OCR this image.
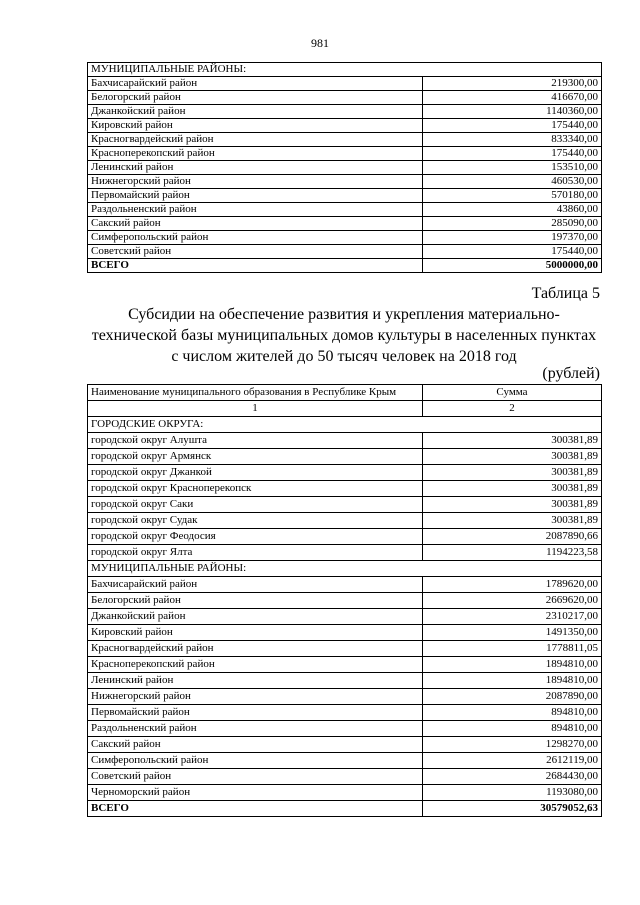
981
МУНИЦИПАЛЬНЫЕ РАЙОНЫ:	
Бахчисарайский район	219300,00
Белогорский район	416670,00
Джанкойский район	1140360,00
Кировский район	175440,00
Красногвардейский район	833340,00
Красноперекопский район	175440,00
Ленинский район	153510,00
Нижнегорский район	460530,00
Первомайский район	570180,00
Раздольненский район	43860,00
Сакский район	285090,00
Симферопольский район	197370,00
Советский район	175440,00
ВСЕГО	5000000,00
Таблица 5
Субсидии на обеспечение развития и укрепления материально-технической базы муниципальных домов культуры в населенных пунктах с числом жителей до 50 тысяч человек на 2018 год
(рублей)
Наименование муниципального образования в Республике Крым	Сумма
1	2
ГОРОДСКИЕ ОКРУГА:	
городской округ Алушта	300381,89
городской округ Армянск	300381,89
городской округ Джанкой	300381,89
городской округ Красноперекопск	300381,89
городской округ Саки	300381,89
городской округ Судак	300381,89
городской округ Феодосия	2087890,66
городской округ Ялта	1194223,58
МУНИЦИПАЛЬНЫЕ РАЙОНЫ:	
Бахчисарайский район	1789620,00
Белогорский район	2669620,00
Джанкойский район	2310217,00
Кировский район	1491350,00
Красногвардейский район	1778811,05
Красноперекопский район	1894810,00
Ленинский район	1894810,00
Нижнегорский район	2087890,00
Первомайский район	894810,00
Раздольненский район	894810,00
Сакский район	1298270,00
Симферопольский район	2612119,00
Советский район	2684430,00
Черноморский район	1193080,00
ВСЕГО	30579052,63
